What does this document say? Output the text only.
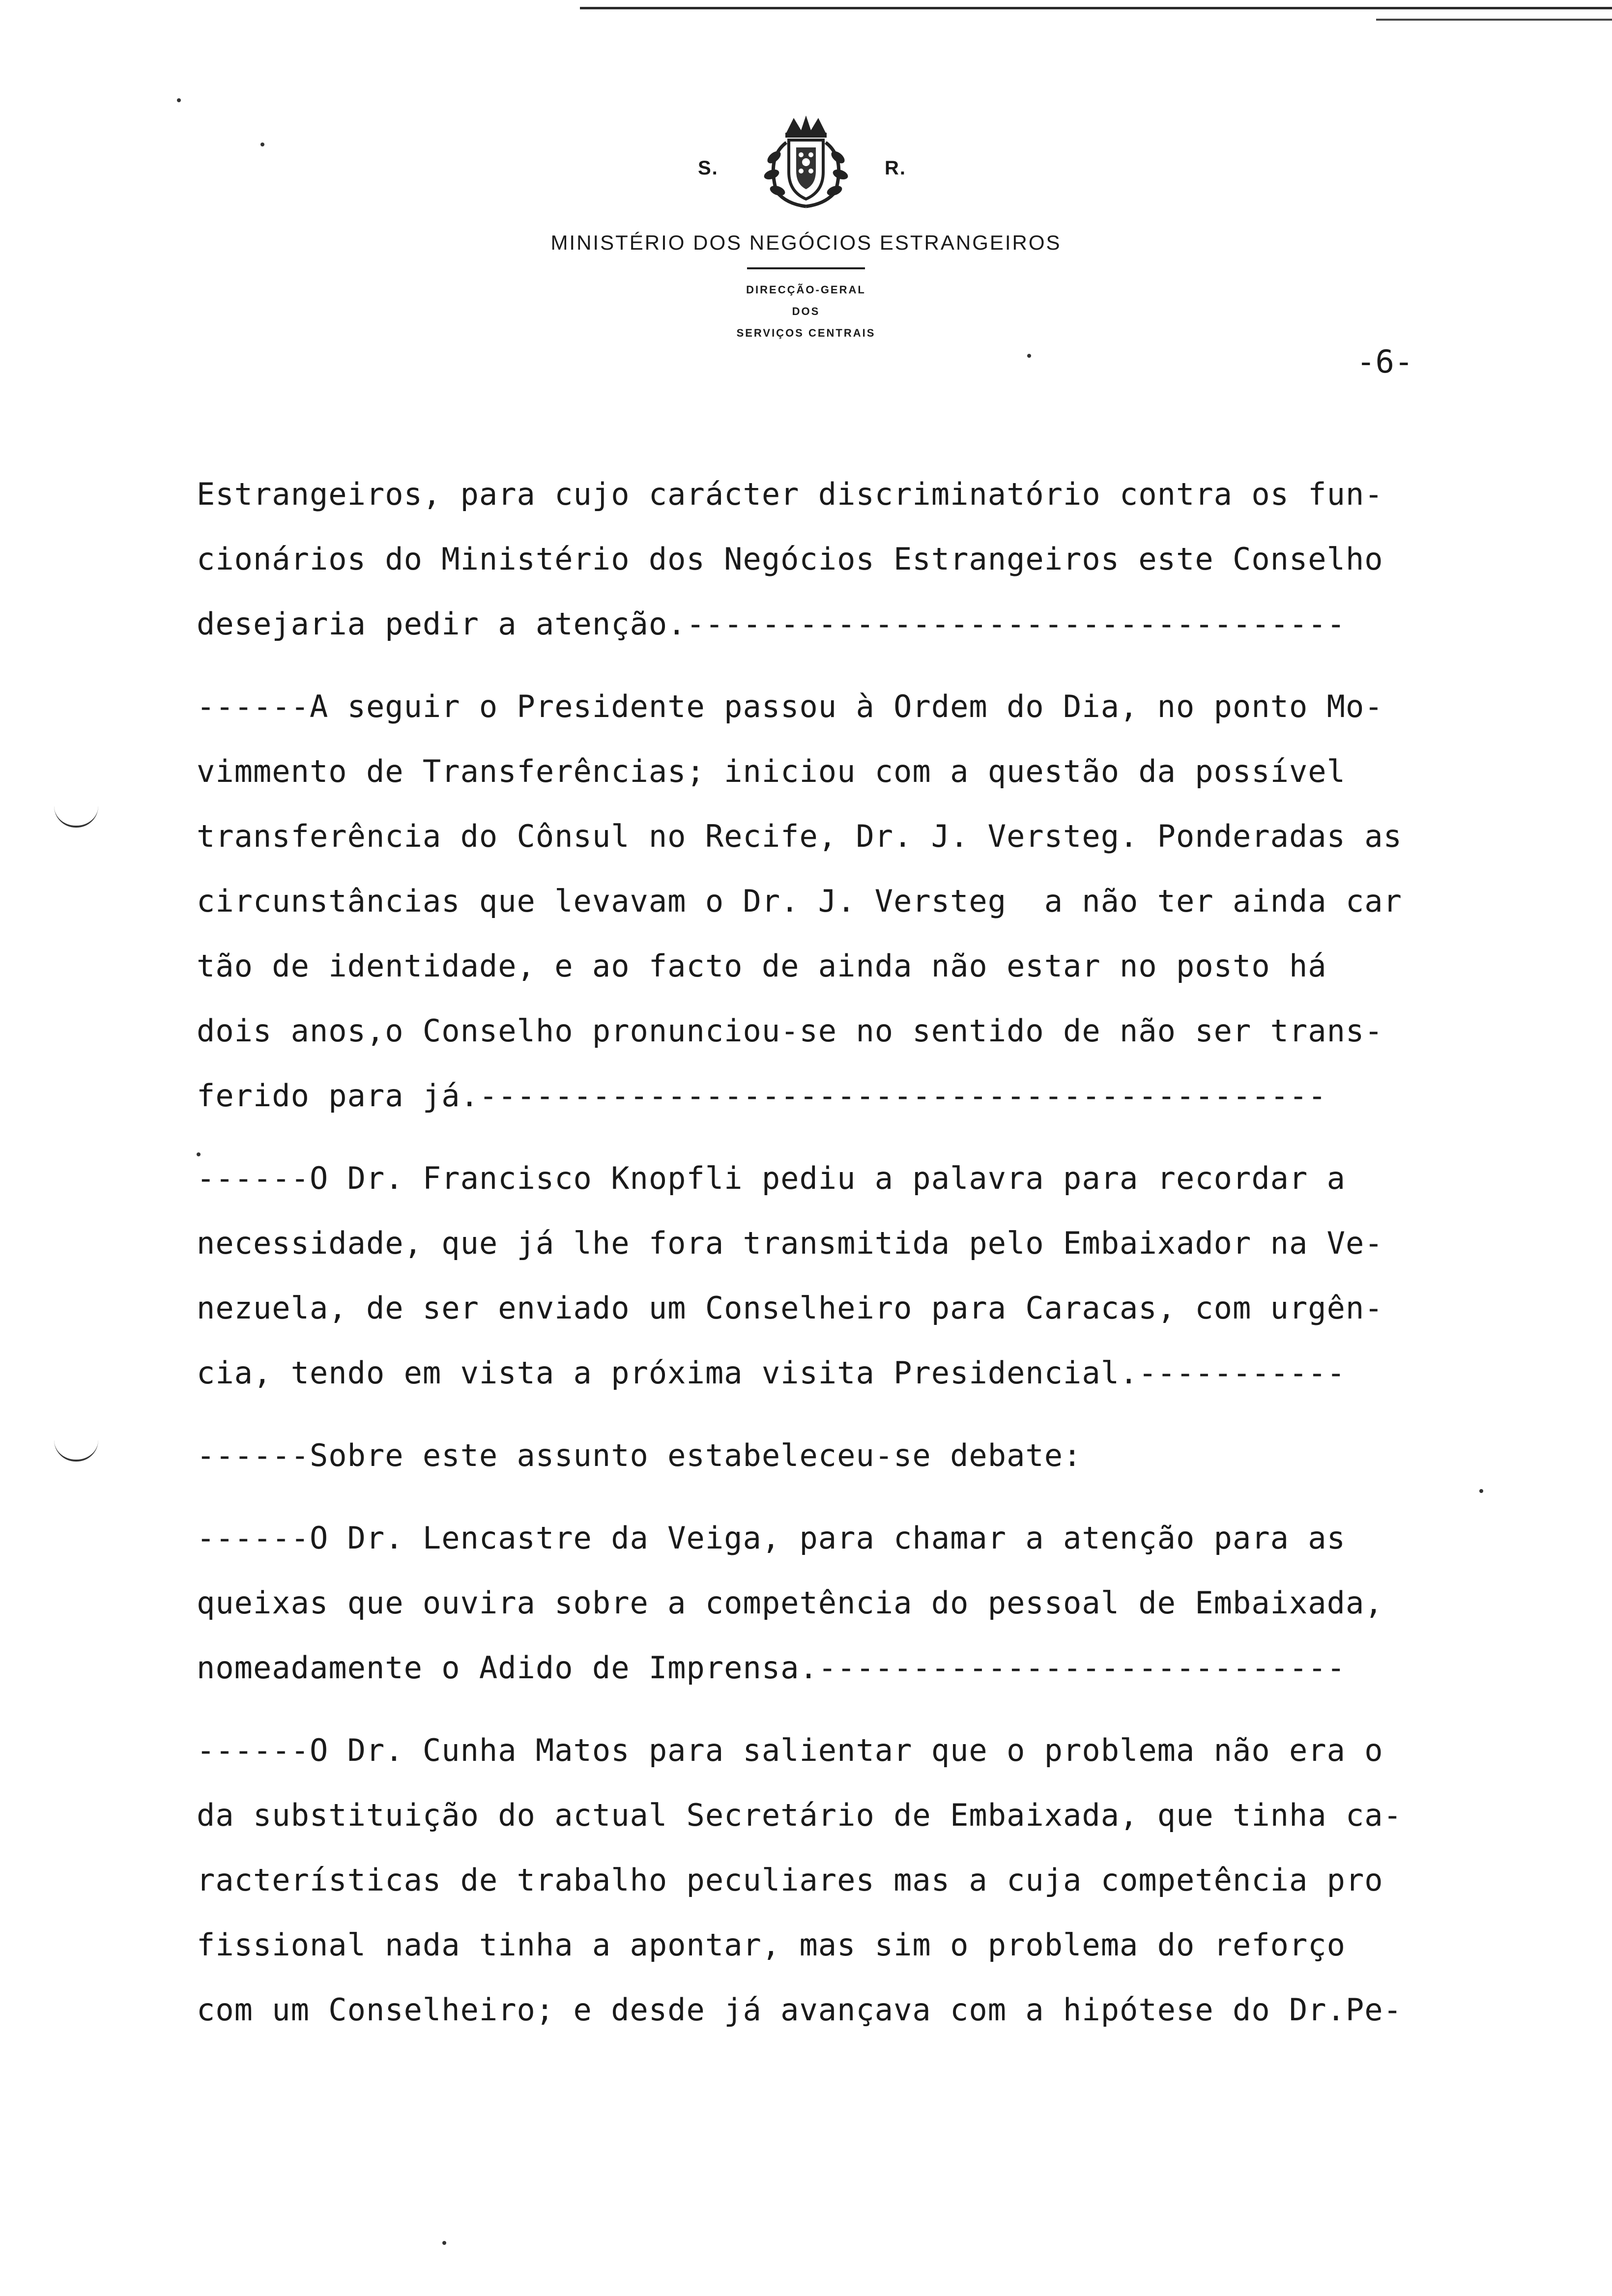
S.	R.
MINISTÉRIO DOS NEGÓCIOS ESTRANGEIROS
DIRECÇÃO-GERAL
DOS
SERVIÇOS CENTRAIS
-6-
Estrangeiros, para cujo carácter discriminatório contra os fun-
cionários do Ministério dos Negócios Estrangeiros este Conselho
desejaria pedir a atenção.-----------------------------------
------A seguir o Presidente passou à Ordem do Dia, no ponto Mo-
vimmento de Transferências; iniciou com a questão da possível
transferência do Cônsul no Recife, Dr. J. Versteg. Ponderadas as
circunstâncias que levavam o Dr. J. Versteg  a não ter ainda car
tão de identidade, e ao facto de ainda não estar no posto há
dois anos,o Conselho pronunciou-se no sentido de não ser trans-
ferido para já.---------------------------------------------
------O Dr. Francisco Knopfli pediu a palavra para recordar a
necessidade, que já lhe fora transmitida pelo Embaixador na Ve-
nezuela, de ser enviado um Conselheiro para Caracas, com urgên-
cia, tendo em vista a próxima visita Presidencial.-----------
------Sobre este assunto estabeleceu-se debate:
------O Dr. Lencastre da Veiga, para chamar a atenção para as
queixas que ouvira sobre a competência do pessoal de Embaixada,
nomeadamente o Adido de Imprensa.----------------------------
------O Dr. Cunha Matos para salientar que o problema não era o
da substituição do actual Secretário de Embaixada, que tinha ca-
racterísticas de trabalho peculiares mas a cuja competência pro
fissional nada tinha a apontar, mas sim o problema do reforço
com um Conselheiro; e desde já avançava com a hipótese do Dr.Pe-
